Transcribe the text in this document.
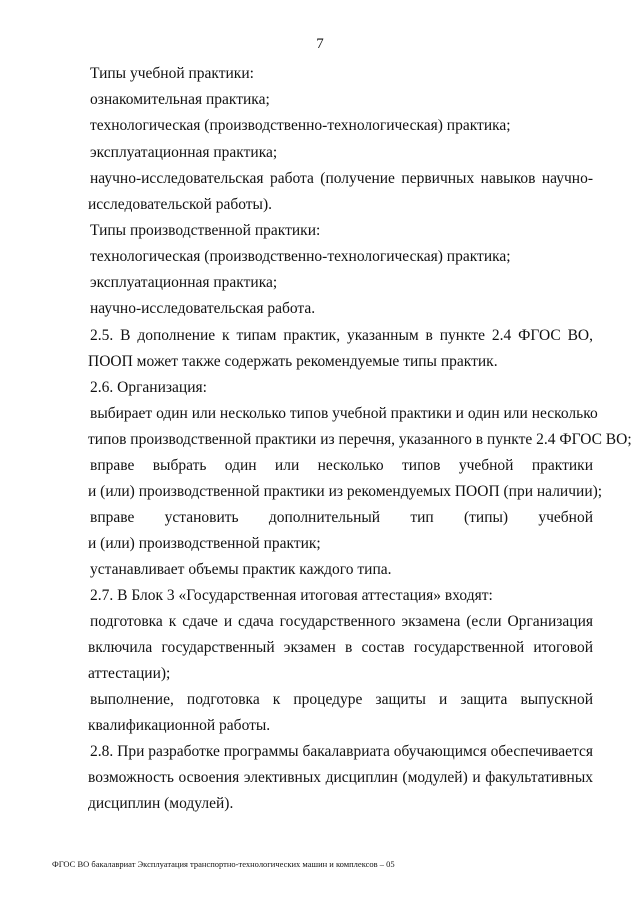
7
Типы учебной практики:
ознакомительная практика;
технологическая (производственно-технологическая) практика;
эксплуатационная практика;
научно-исследовательская работа (получение первичных навыков научно-
исследовательской работы).
Типы производственной практики:
технологическая (производственно-технологическая) практика;
эксплуатационная практика;
научно-исследовательская работа.
2.5. В дополнение к типам практик, указанным в пункте 2.4 ФГОС ВО,
ПООП может также содержать рекомендуемые типы практик.
2.6. Организация:
выбирает один или несколько типов учебной практики и один или несколько
типов производственной практики из перечня, указанного в пункте 2.4 ФГОС ВО;
вправе выбрать один или несколько типов учебной практики
и (или) производственной практики из рекомендуемых ПООП (при наличии);
вправе установить дополнительный тип (типы) учебной
и (или) производственной практик;
устанавливает объемы практик каждого типа.
2.7. В Блок 3 «Государственная итоговая аттестация» входят:
подготовка к сдаче и сдача государственного экзамена (если Организация
включила государственный экзамен в состав государственной итоговой
аттестации);
выполнение, подготовка к процедуре защиты и защита выпускной
квалификационной работы.
2.8. При разработке программы бакалавриата обучающимся обеспечивается
возможность освоения элективных дисциплин (модулей) и факультативных
дисциплин (модулей).
ФГОС ВО бакалавриат Эксплуатация транспортно-технологических машин и комплексов – 05
